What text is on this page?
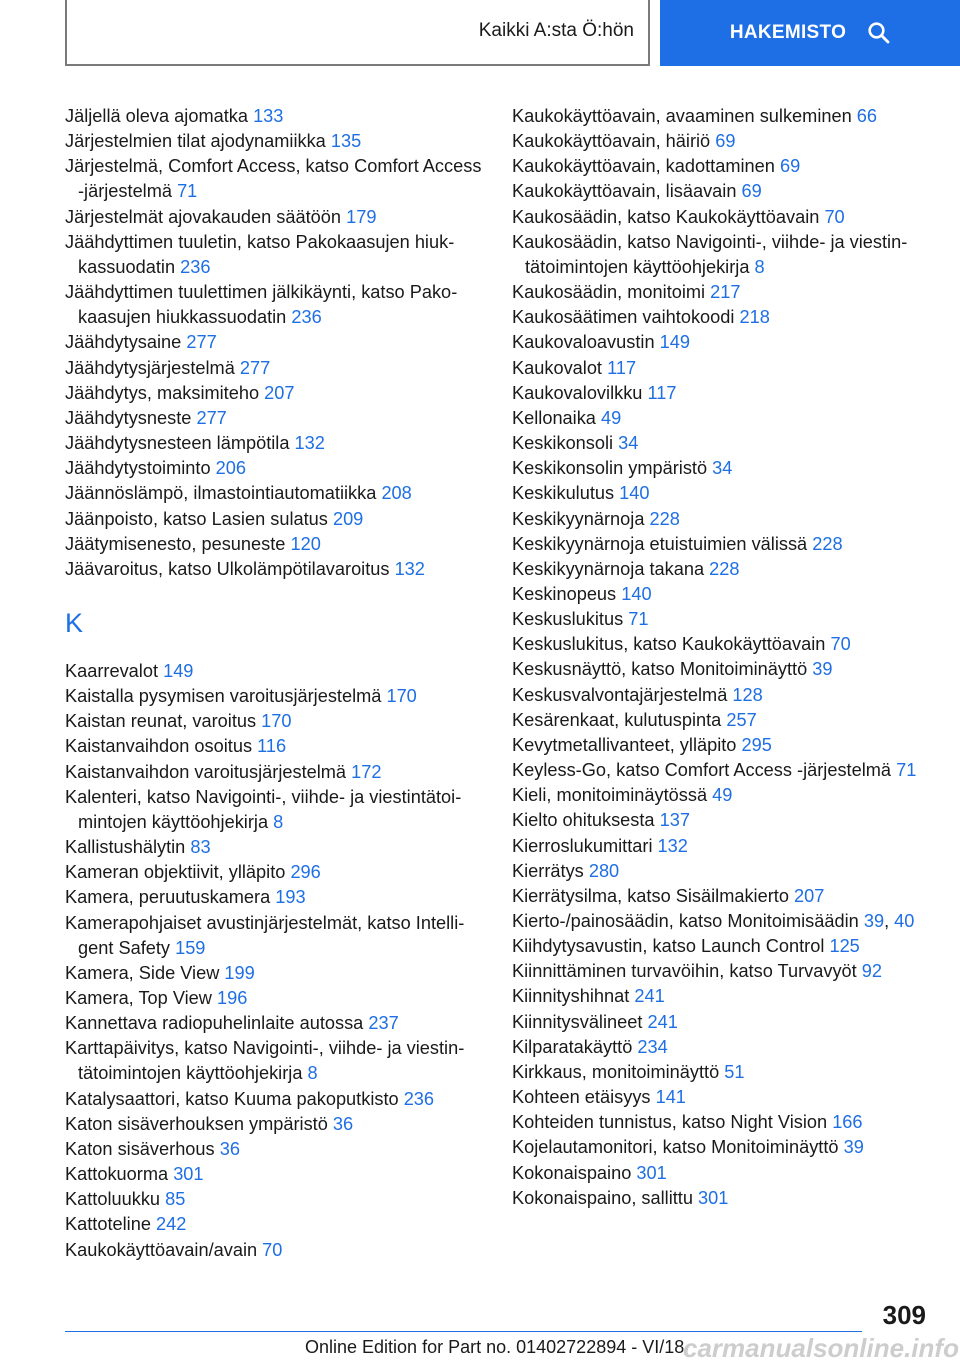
Kaikki A:sta Ö:hön	HAKEMISTO
Jäljellä oleva ajomatka 133
Järjestelmien tilat ajodynamiikka 135
Järjestelmä, Comfort Access, katso Comfort Access -järjestelmä 71
Järjestelmät ajovakauden säätöön 179
Jäähdyttimen tuuletin, katso Pakokaasujen hiukkassuodatin 236
Jäähdyttimen tuulettimen jälkikäynti, katso Pakokaasujen hiukkassuodatin 236
Jäähdytysaine 277
Jäähdytysjärjestelmä 277
Jäähdytys, maksimiteho 207
Jäähdytysneste 277
Jäähdytysnesteen lämpötila 132
Jäähdytystoiminto 206
Jäännöslämpö, ilmastointiautomatiikka 208
Jäänpoisto, katso Lasien sulatus 209
Jäätymisenesto, pesuneste 120
Jäävaroitus, katso Ulkolämpötilavaroitus 132
K
Kaarrevalot 149
Kaistalla pysymisen varoitusjärjestelmä 170
Kaistan reunat, varoitus 170
Kaistanvaihdon osoitus 116
Kaistanvaihdon varoitusjärjestelmä 172
Kalenteri, katso Navigointi-, viihde- ja viestintätoimintojen käyttöohjekirja 8
Kallistushälytin 83
Kameran objektiivit, ylläpito 296
Kamera, peruutuskamera 193
Kamerapohjaiset avustinjärjestelmät, katso Intelligent Safety 159
Kamera, Side View 199
Kamera, Top View 196
Kannettava radiopuhelinlaite autossa 237
Karttapäivitys, katso Navigointi-, viihde- ja viestintätoimintojen käyttöohjekirja 8
Katalysaattori, katso Kuuma pakoputkisto 236
Katon sisäverhouksen ympäristö 36
Katon sisäverhous 36
Kattokuorma 301
Kattoluukku 85
Kattoteline 242
Kaukokäyttöavain/avain 70
Kaukokäyttöavain, avaaminen sulkeminen 66
Kaukokäyttöavain, häiriö 69
Kaukokäyttöavain, kadottaminen 69
Kaukokäyttöavain, lisäavain 69
Kaukosäädin, katso Kaukokäyttöavain 70
Kaukosäädin, katso Navigointi-, viihde- ja viestintätoimintojen käyttöohjekirja 8
Kaukosäädin, monitoimi 217
Kaukosäätimen vaihtokoodi 218
Kaukovaloavustin 149
Kaukovalot 117
Kaukovalovilkku 117
Kellonaika 49
Keskikonsoli 34
Keskikonsolin ympäristö 34
Keskikulutus 140
Keskikyynärnoja 228
Keskikyynärnoja etuistuimien välissä 228
Keskikyynärnoja takana 228
Keskinopeus 140
Keskuslukitus 71
Keskuslukitus, katso Kaukokäyttöavain 70
Keskusnäyttö, katso Monitoiminäyttö 39
Keskusvalvontajärjestelmä 128
Kesärenkaat, kulutuspinta 257
Kevytmetallivanteet, ylläpito 295
Keyless-Go, katso Comfort Access -järjestelmä 71
Kieli, monitoiminäytössä 49
Kielto ohituksesta 137
Kierroslukumittari 132
Kierrätys 280
Kierrätysilma, katso Sisäilmakierto 207
Kierto-/painosäädin, katso Monitoimisäädin 39, 40
Kiihdytysavustin, katso Launch Control 125
Kiinnittäminen turvavöihin, katso Turvavyöt 92
Kiinnityshihnat 241
Kiinnitysvälineet 241
Kilparatakäyttö 234
Kirkkaus, monitoiminäyttö 51
Kohteen etäisyys 141
Kohteiden tunnistus, katso Night Vision 166
Kojelautamonitori, katso Monitoiminäyttö 39
Kokonaispaino 301
Kokonaispaino, sallittu 301
309
Online Edition for Part no. 01402722894 - VI/18
carmanualsonline.info
